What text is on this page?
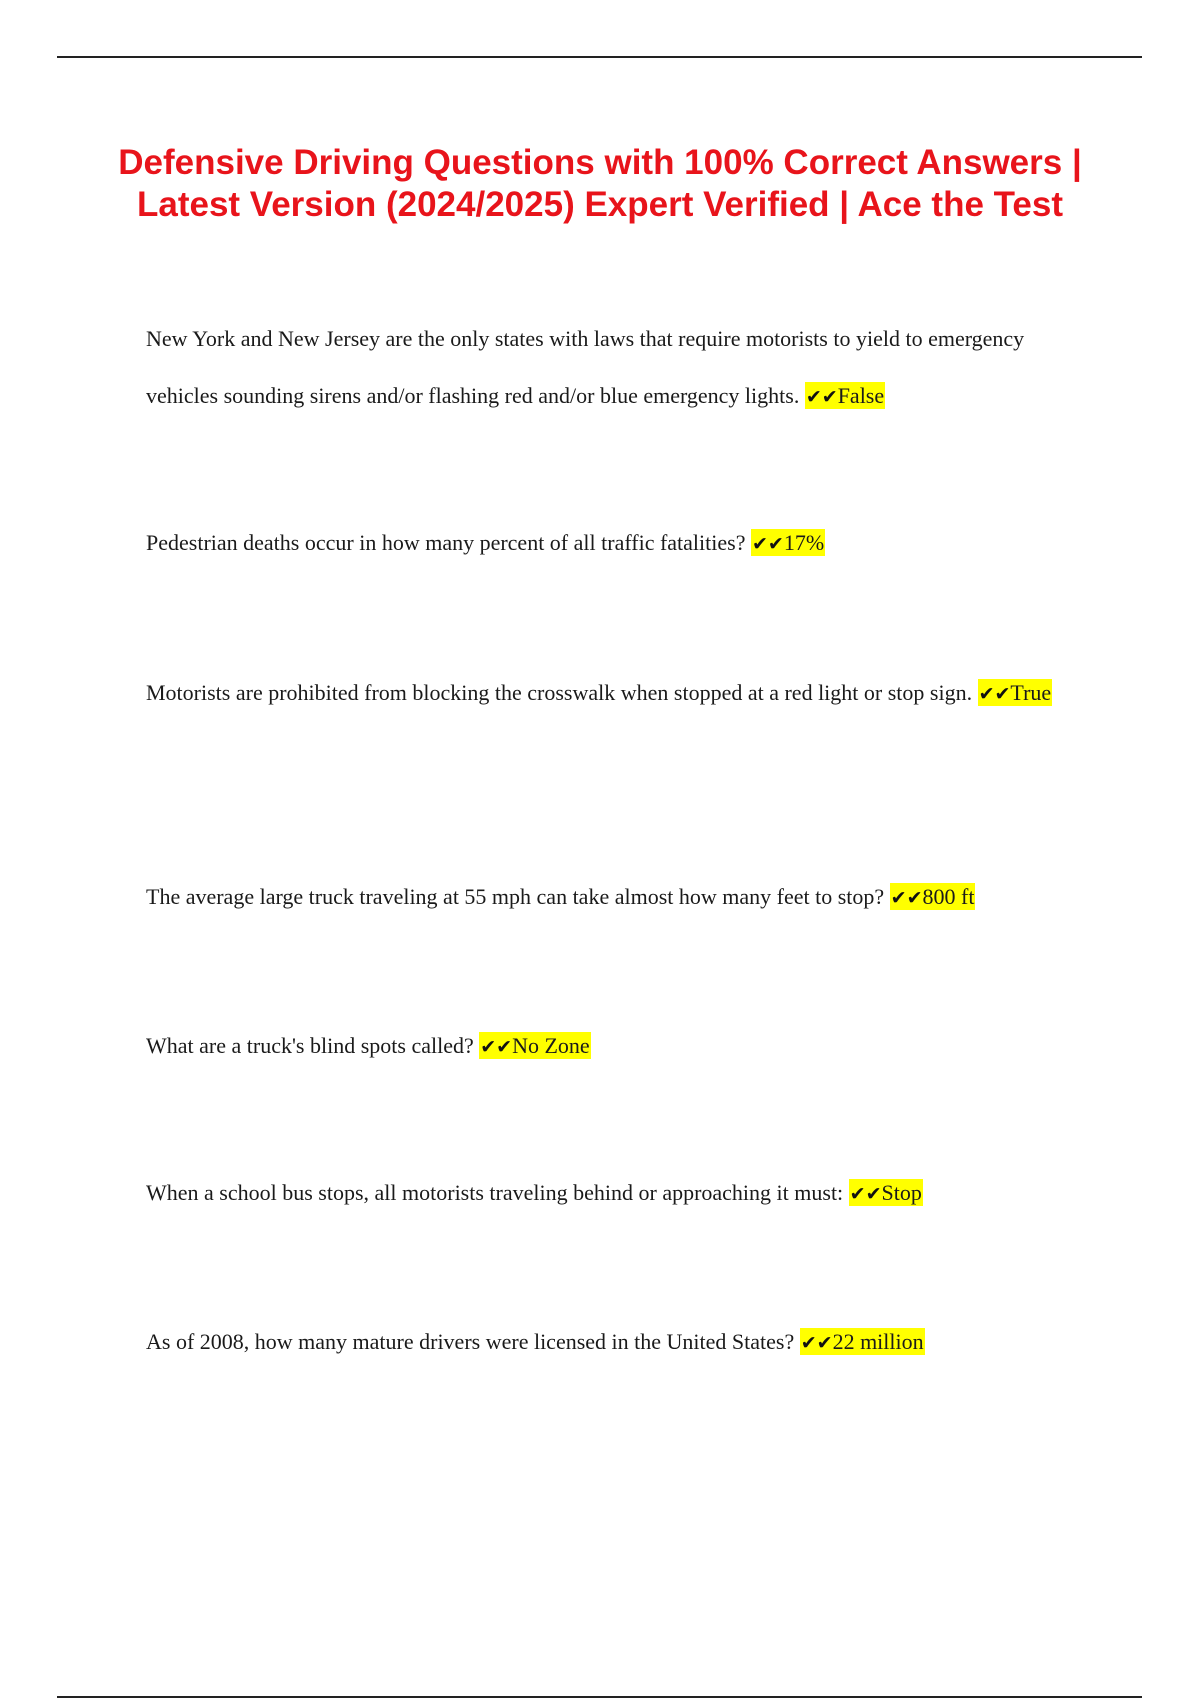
Defensive Driving Questions with 100% Correct Answers | Latest Version (2024/2025) Expert Verified | Ace the Test

New York and New Jersey are the only states with laws that require motorists to yield to emergency vehicles sounding sirens and/or flashing red and/or blue emergency lights. ✔✔False

Pedestrian deaths occur in how many percent of all traffic fatalities? ✔✔17%

Motorists are prohibited from blocking the crosswalk when stopped at a red light or stop sign. ✔✔True

The average large truck traveling at 55 mph can take almost how many feet to stop? ✔✔800 ft

What are a truck's blind spots called? ✔✔No Zone

When a school bus stops, all motorists traveling behind or approaching it must: ✔✔Stop

As of 2008, how many mature drivers were licensed in the United States? ✔✔22 million
